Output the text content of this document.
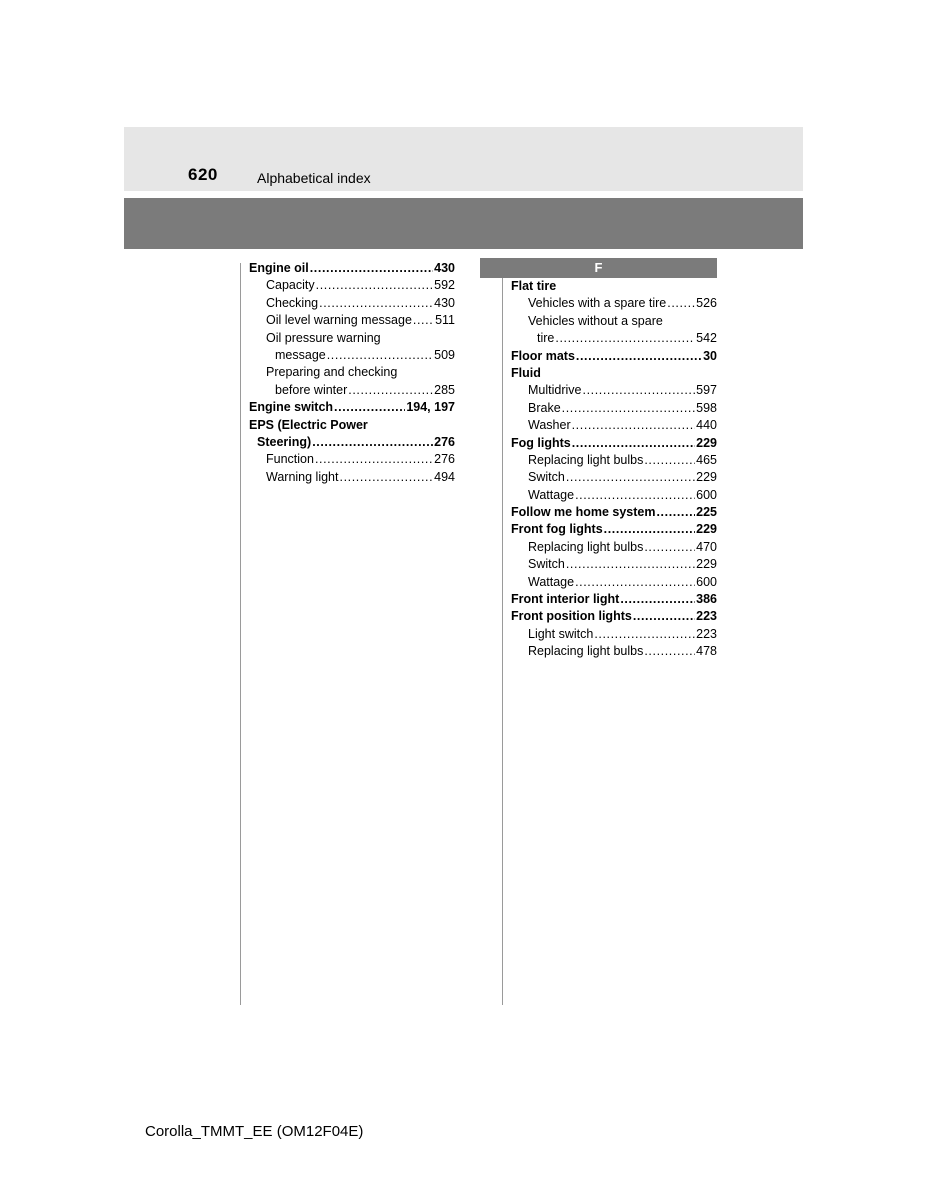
620	Alphabetical index
Engine oil .....	430
Capacity .....	592
Checking .....	430
Oil level warning message ..... 511
Oil pressure warning
message .....	509
Preparing and checking
before winter .....	285
Engine switch .....	194, 197
EPS (Electric Power
Steering) .....	276
Function .....	276
Warning light .....	494
F
Flat tire
Vehicles with a spare tire ..... 526
Vehicles without a spare
tire .....	542
Floor mats .....	30
Fluid
Multidrive .....	597
Brake .....	598
Washer .....	440
Fog lights .....	229
Replacing light bulbs .....	465
Switch .....	229
Wattage .....	600
Follow me home system .....	225
Front fog lights .....	229
Replacing light bulbs .....	470
Switch .....	229
Wattage .....	600
Front interior light .....	386
Front position lights .....	223
Light switch .....	223
Replacing light bulbs .....	478
Corolla_TMMT_EE (OM12F04E)
